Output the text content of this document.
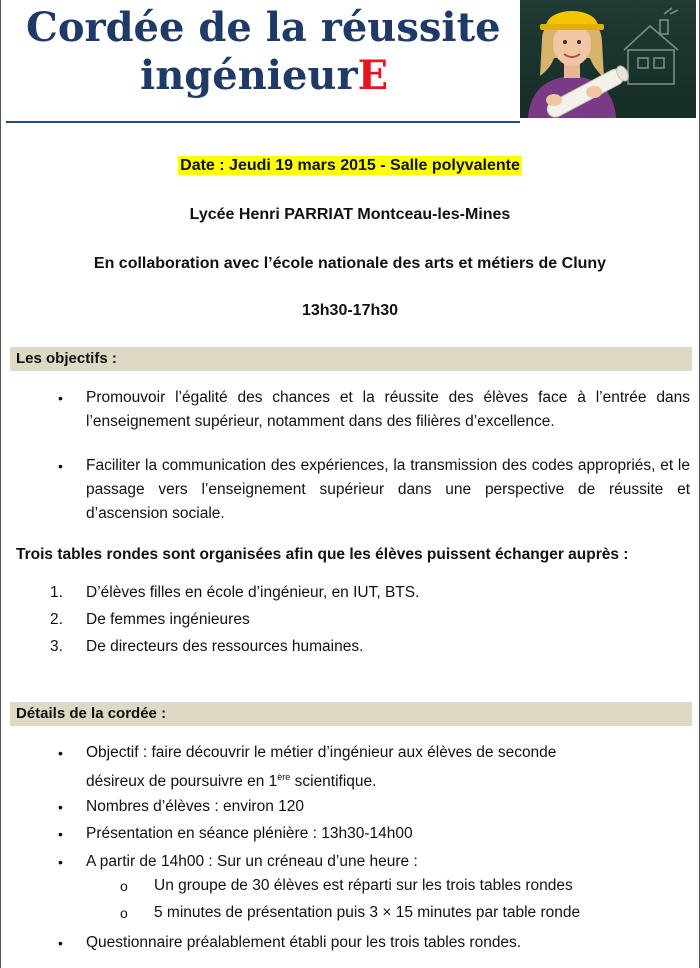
Cordée de la réussite
ingénieurE
Date : Jeudi 19 mars 2015 - Salle polyvalente
Lycée Henri PARRIAT Montceau-les-Mines
En collaboration avec l’école nationale des arts et métiers de Cluny
13h30-17h30
Les objectifs :
• Promouvoir l’égalité des chances et la réussite des élèves face à l’entrée dans l’enseignement supérieur, notamment dans des filières d’excellence.
• Faciliter la communication des expériences, la transmission des codes appropriés, et le passage vers l’enseignement supérieur dans une perspective de réussite et d’ascension sociale.
Trois tables rondes sont organisées afin que les élèves puissent échanger auprès :
1. D’élèves filles en école d’ingénieur, en IUT, BTS.
2. De femmes ingénieures
3. De directeurs des ressources humaines.
Détails de la cordée :
• Objectif : faire découvrir le métier d’ingénieur aux élèves de seconde
désireux de poursuivre en 1ère scientifique.
• Nombres d’élèves : environ 120
• Présentation en séance plénière : 13h30-14h00
• A partir de 14h00 : Sur un créneau d’une heure :
o Un groupe de 30 élèves est réparti sur les trois tables rondes
o 5 minutes de présentation puis 3 × 15 minutes par table ronde
• Questionnaire préalablement établi pour les trois tables rondes.
